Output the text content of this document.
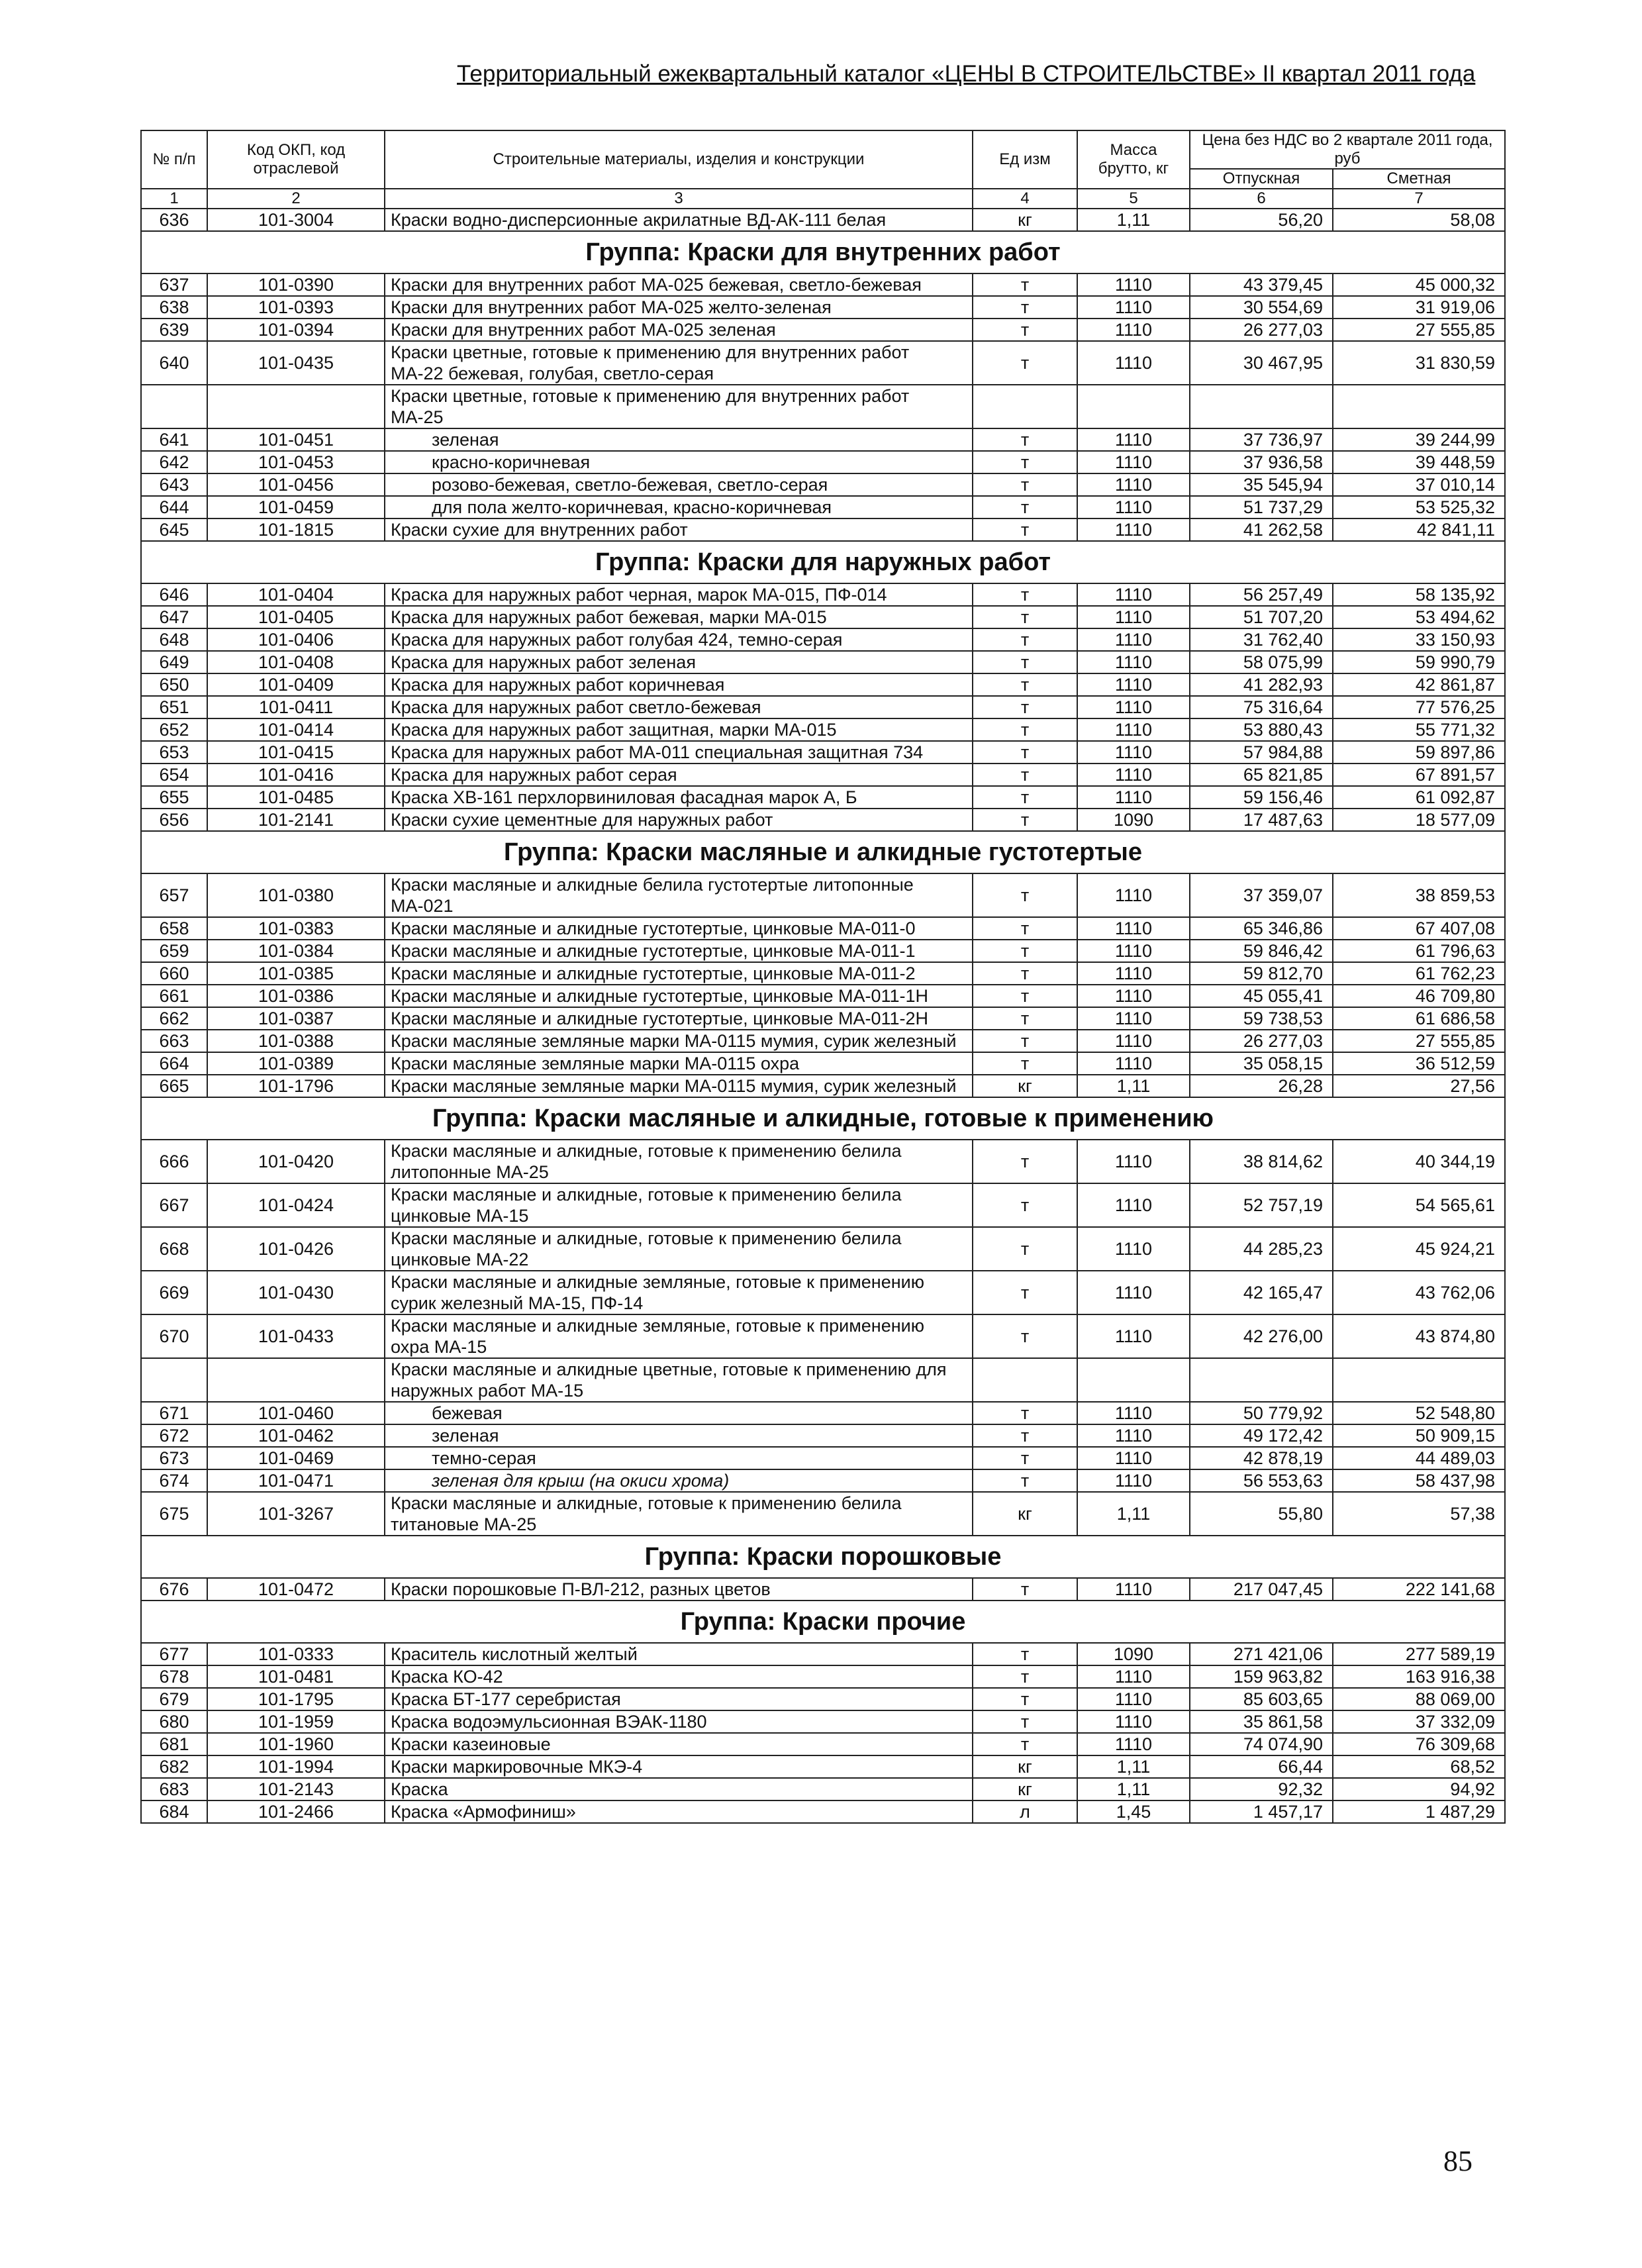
Территориальный ежеквартальный каталог «ЦЕНЫ В СТРОИТЕЛЬСТВЕ» II квартал 2011 года
№ п/п	Код ОКП, код отраслевой	Строительные материалы, изделия и конструкции	Ед изм	Масса брутто, кг	Цена без НДС во 2 квартале 2011 года, руб	
					Отпускная	Сметная
1	2	3	4	5	6	7
636	101-3004	Краски водно-дисперсионные акрилатные ВД-АК-111 белая	кг	1,11	56,20	58,08
Группа: Краски для внутренних работ						
637	101-0390	Краски для внутренних работ МА-025 бежевая, светло-бежевая	т	1110	43 379,45	45 000,32
638	101-0393	Краски для внутренних работ МА-025 желто-зеленая	т	1110	30 554,69	31 919,06
639	101-0394	Краски для внутренних работ МА-025 зеленая	т	1110	26 277,03	27 555,85
640	101-0435	Краски цветные, готовые к применению для внутренних работ МА-22 бежевая, голубая, светло-серая	т	1110	30 467,95	31 830,59
		Краски цветные, готовые к применению для внутренних работ МА-25				
641	101-0451	зеленая	т	1110	37 736,97	39 244,99
642	101-0453	красно-коричневая	т	1110	37 936,58	39 448,59
643	101-0456	розово-бежевая, светло-бежевая, светло-серая	т	1110	35 545,94	37 010,14
644	101-0459	для пола желто-коричневая, красно-коричневая	т	1110	51 737,29	53 525,32
645	101-1815	Краски сухие для внутренних работ	т	1110	41 262,58	42 841,11
Группа: Краски для наружных работ						
646	101-0404	Краска для наружных работ черная, марок МА-015, ПФ-014	т	1110	56 257,49	58 135,92
647	101-0405	Краска для наружных работ бежевая, марки МА-015	т	1110	51 707,20	53 494,62
648	101-0406	Краска для наружных работ голубая 424, темно-серая	т	1110	31 762,40	33 150,93
649	101-0408	Краска для наружных работ зеленая	т	1110	58 075,99	59 990,79
650	101-0409	Краска для наружных работ коричневая	т	1110	41 282,93	42 861,87
651	101-0411	Краска для наружных работ светло-бежевая	т	1110	75 316,64	77 576,25
652	101-0414	Краска для наружных работ защитная, марки МА-015	т	1110	53 880,43	55 771,32
653	101-0415	Краска для наружных работ МА-011 специальная защитная 734	т	1110	57 984,88	59 897,86
654	101-0416	Краска для наружных работ серая	т	1110	65 821,85	67 891,57
655	101-0485	Краска ХВ-161 перхлорвиниловая фасадная марок А, Б	т	1110	59 156,46	61 092,87
656	101-2141	Краски сухие цементные для наружных работ	т	1090	17 487,63	18 577,09
Группа: Краски масляные и алкидные густотертые						
657	101-0380	Краски масляные и алкидные белила густотертые литопонные МА-021	т	1110	37 359,07	38 859,53
658	101-0383	Краски масляные и алкидные густотертые, цинковые МА-011-0	т	1110	65 346,86	67 407,08
659	101-0384	Краски масляные и алкидные густотертые, цинковые МА-011-1	т	1110	59 846,42	61 796,63
660	101-0385	Краски масляные и алкидные густотертые, цинковые МА-011-2	т	1110	59 812,70	61 762,23
661	101-0386	Краски масляные и алкидные густотертые, цинковые МА-011-1Н	т	1110	45 055,41	46 709,80
662	101-0387	Краски масляные и алкидные густотертые, цинковые МА-011-2Н	т	1110	59 738,53	61 686,58
663	101-0388	Краски масляные земляные марки МА-0115 мумия, сурик железный	т	1110	26 277,03	27 555,85
664	101-0389	Краски масляные земляные марки МА-0115 охра	т	1110	35 058,15	36 512,59
665	101-1796	Краски масляные земляные марки МА-0115 мумия, сурик железный	кг	1,11	26,28	27,56
Группа: Краски масляные и алкидные, готовые к применению						
666	101-0420	Краски масляные и алкидные, готовые к применению белила литопонные МА-25	т	1110	38 814,62	40 344,19
667	101-0424	Краски масляные и алкидные, готовые к применению белила цинковые МА-15	т	1110	52 757,19	54 565,61
668	101-0426	Краски масляные и алкидные, готовые к применению белила цинковые МА-22	т	1110	44 285,23	45 924,21
669	101-0430	Краски масляные и алкидные земляные, готовые к применению сурик железный МА-15, ПФ-14	т	1110	42 165,47	43 762,06
670	101-0433	Краски масляные и алкидные земляные, готовые к применению охра МА-15	т	1110	42 276,00	43 874,80
		Краски масляные и алкидные цветные, готовые к применению для наружных работ МА-15				
671	101-0460	бежевая	т	1110	50 779,92	52 548,80
672	101-0462	зеленая	т	1110	49 172,42	50 909,15
673	101-0469	темно-серая	т	1110	42 878,19	44 489,03
674	101-0471	зеленая для крыш (на окиси хрома)	т	1110	56 553,63	58 437,98
675	101-3267	Краски масляные и алкидные, готовые к применению белила титановые МА-25	кг	1,11	55,80	57,38
Группа: Краски порошковые						
676	101-0472	Краски порошковые П-ВЛ-212, разных цветов	т	1110	217 047,45	222 141,68
Группа: Краски прочие						
677	101-0333	Краситель кислотный желтый	т	1090	271 421,06	277 589,19
678	101-0481	Краска КО-42	т	1110	159 963,82	163 916,38
679	101-1795	Краска БТ-177 серебристая	т	1110	85 603,65	88 069,00
680	101-1959	Краска водоэмульсионная ВЭАК-1180	т	1110	35 861,58	37 332,09
681	101-1960	Краски казеиновые	т	1110	74 074,90	76 309,68
682	101-1994	Краски маркировочные МКЭ-4	кг	1,11	66,44	68,52
683	101-2143	Краска	кг	1,11	92,32	94,92
684	101-2466	Краска «Армофиниш»	л	1,45	1 457,17	1 487,29
85
